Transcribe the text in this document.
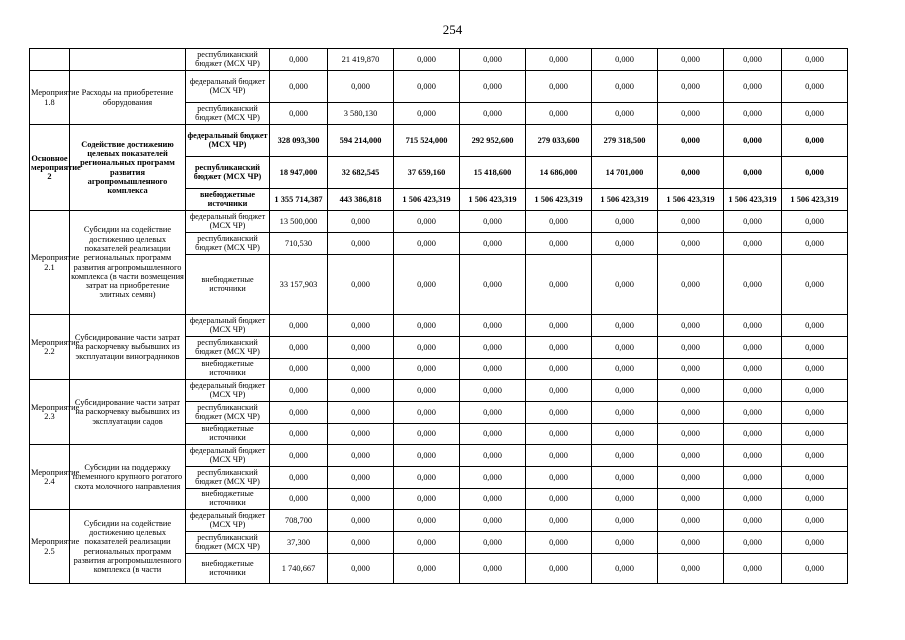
254
		республиканский бюджет (МСХ ЧР)	0,000	21 419,870	0,000	0,000	0,000	0,000	0,000	0,000	0,000
Мероприятие 1.8	Расходы на приобретение оборудования	федеральный бюджет (МСХ ЧР)	0,000	0,000	0,000	0,000	0,000	0,000	0,000	0,000	0,000
		республиканский бюджет (МСХ ЧР)	0,000	3 580,130	0,000	0,000	0,000	0,000	0,000	0,000	0,000
Основное мероприятие 2	Содействие достижению целевых показателей региональных программ развития агропромышленного комплекса	федеральный бюджет (МСХ ЧР)	328 093,300	594 214,000	715 524,000	292 952,600	279 033,600	279 318,500	0,000	0,000	0,000
		республиканский бюджет (МСХ ЧР)	18 947,000	32 682,545	37 659,160	15 418,600	14 686,000	14 701,000	0,000	0,000	0,000
		внебюджетные источники	1 355 714,387	443 386,818	1 506 423,319	1 506 423,319	1 506 423,319	1 506 423,319	1 506 423,319	1 506 423,319	1 506 423,319
Мероприятие 2.1	Субсидии на содействие достижению целевых показателей реализации региональных программ развития агропромышленного комплекса (в части возмещения затрат на приобретение элитных семян)	федеральный бюджет (МСХ ЧР)	13 500,000	0,000	0,000	0,000	0,000	0,000	0,000	0,000	0,000
		республиканский бюджет (МСХ ЧР)	710,530	0,000	0,000	0,000	0,000	0,000	0,000	0,000	0,000
		внебюджетные источники	33 157,903	0,000	0,000	0,000	0,000	0,000	0,000	0,000	0,000
Мероприятие 2.2	Субсидирование части затрат на раскорчевку выбывших из эксплуатации виноградников	федеральный бюджет (МСХ ЧР)	0,000	0,000	0,000	0,000	0,000	0,000	0,000	0,000	0,000
		республиканский бюджет (МСХ ЧР)	0,000	0,000	0,000	0,000	0,000	0,000	0,000	0,000	0,000
		внебюджетные источники	0,000	0,000	0,000	0,000	0,000	0,000	0,000	0,000	0,000
Мероприятие 2.3	Субсидирование части затрат на раскорчевку выбывших из эксплуатации садов	федеральный бюджет (МСХ ЧР)	0,000	0,000	0,000	0,000	0,000	0,000	0,000	0,000	0,000
		республиканский бюджет (МСХ ЧР)	0,000	0,000	0,000	0,000	0,000	0,000	0,000	0,000	0,000
		внебюджетные источники	0,000	0,000	0,000	0,000	0,000	0,000	0,000	0,000	0,000
Мероприятие 2.4	Субсидии на поддержку племенного крупного рогатого скота молочного направления	федеральный бюджет (МСХ ЧР)	0,000	0,000	0,000	0,000	0,000	0,000	0,000	0,000	0,000
		республиканский бюджет (МСХ ЧР)	0,000	0,000	0,000	0,000	0,000	0,000	0,000	0,000	0,000
		внебюджетные источники	0,000	0,000	0,000	0,000	0,000	0,000	0,000	0,000	0,000
Мероприятие 2.5	Субсидии на содействие достижению целевых показателей реализации региональных программ развития агропромышленного комплекса (в части	федеральный бюджет (МСХ ЧР)	708,700	0,000	0,000	0,000	0,000	0,000	0,000	0,000	0,000
		республиканский бюджет (МСХ ЧР)	37,300	0,000	0,000	0,000	0,000	0,000	0,000	0,000	0,000
		внебюджетные источники	1 740,667	0,000	0,000	0,000	0,000	0,000	0,000	0,000	0,000
